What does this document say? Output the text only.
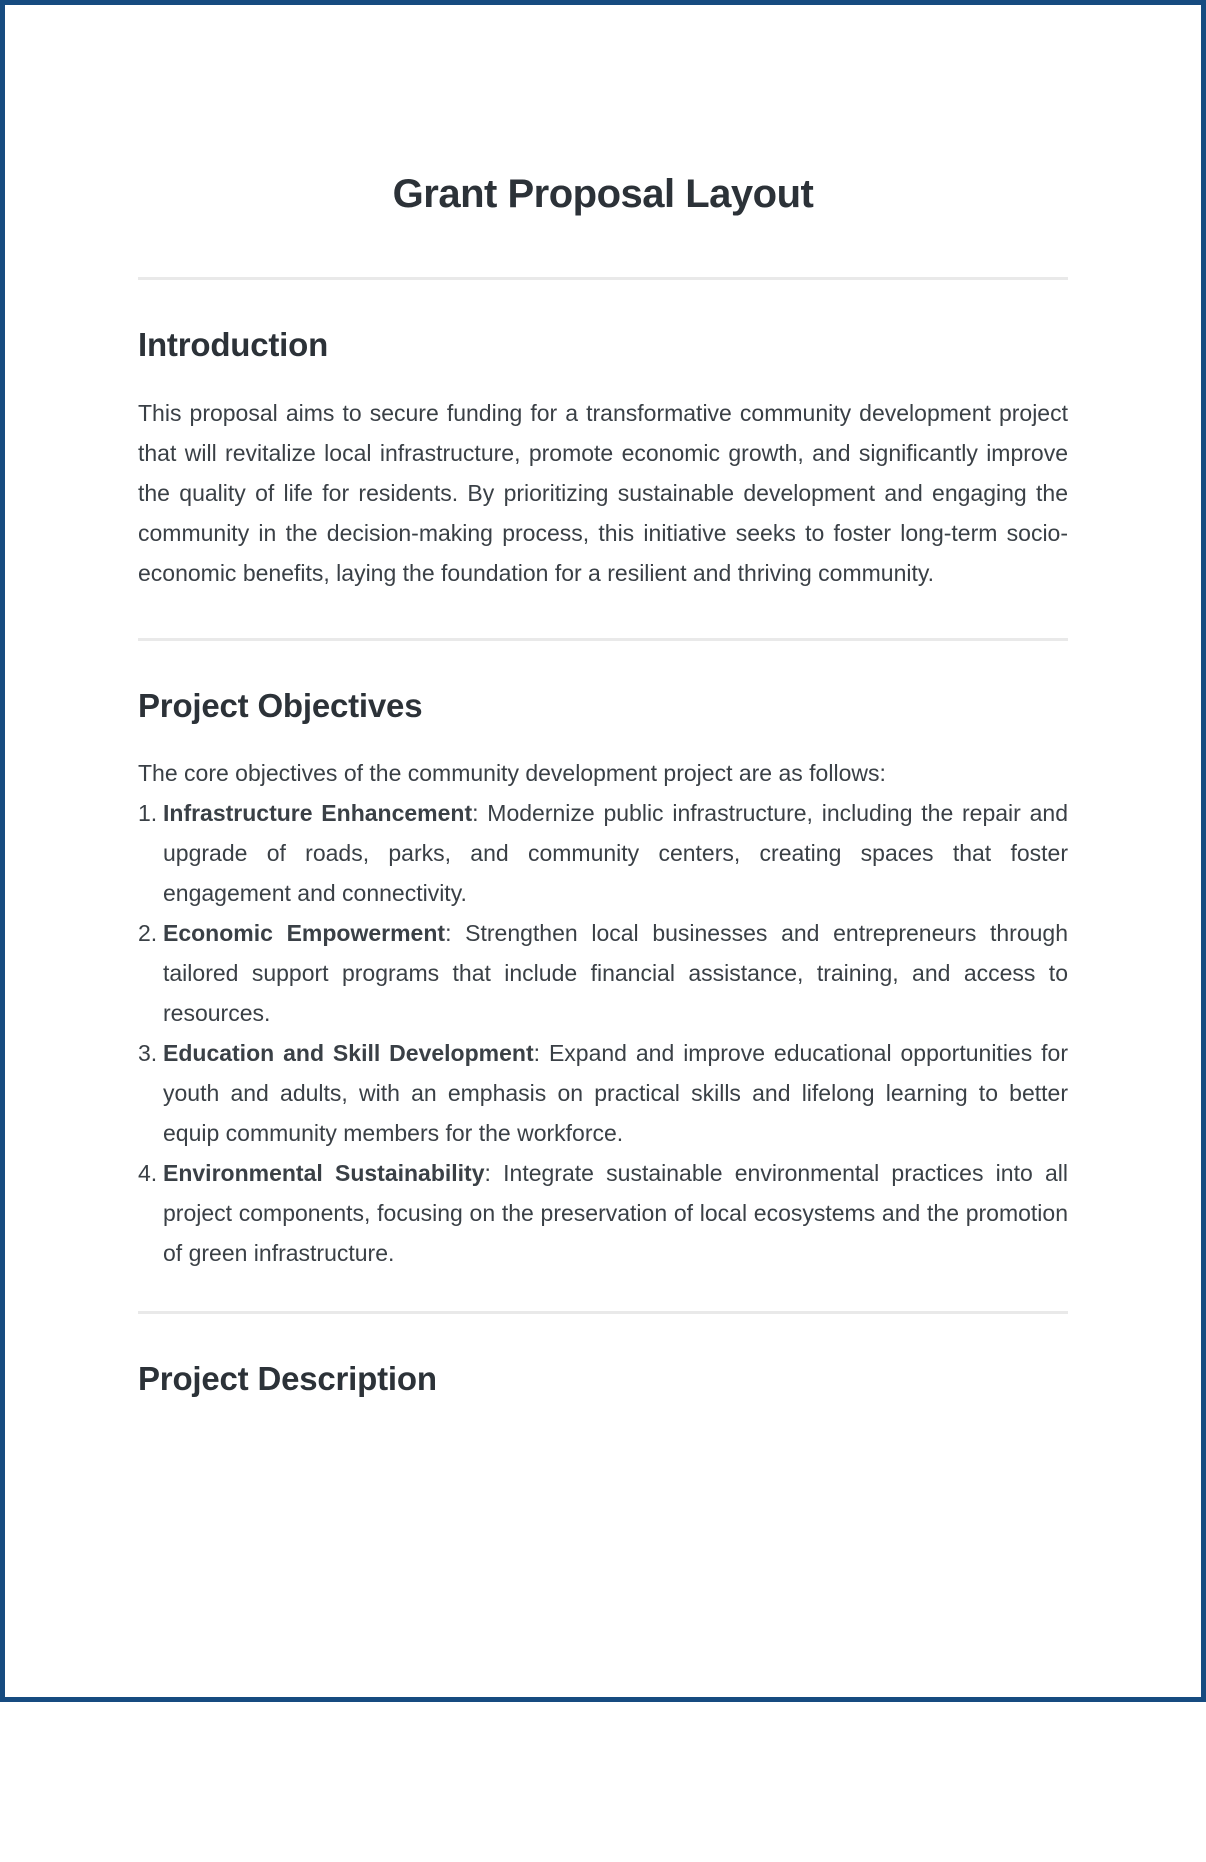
Grant Proposal Layout
Introduction

This proposal aims to secure funding for a transformative community development project that will revitalize local infrastructure, promote economic growth, and significantly improve the quality of life for residents. By prioritizing sustainable development and engaging the community in the decision-making process, this initiative seeks to foster long-term socio-economic benefits, laying the foundation for a resilient and thriving community.

Project Objectives

The core objectives of the community development project are as follows:

1. Infrastructure Enhancement: Modernize public infrastructure, including the repair and upgrade of roads, parks, and community centers, creating spaces that foster engagement and connectivity.
2. Economic Empowerment: Strengthen local businesses and entrepreneurs through tailored support programs that include financial assistance, training, and access to resources.
3. Education and Skill Development: Expand and improve educational opportunities for youth and adults, with an emphasis on practical skills and lifelong learning to better equip community members for the workforce.
4. Environmental Sustainability: Integrate sustainable environmental practices into all project components, focusing on the preservation of local ecosystems and the promotion of green infrastructure.
Project Description
